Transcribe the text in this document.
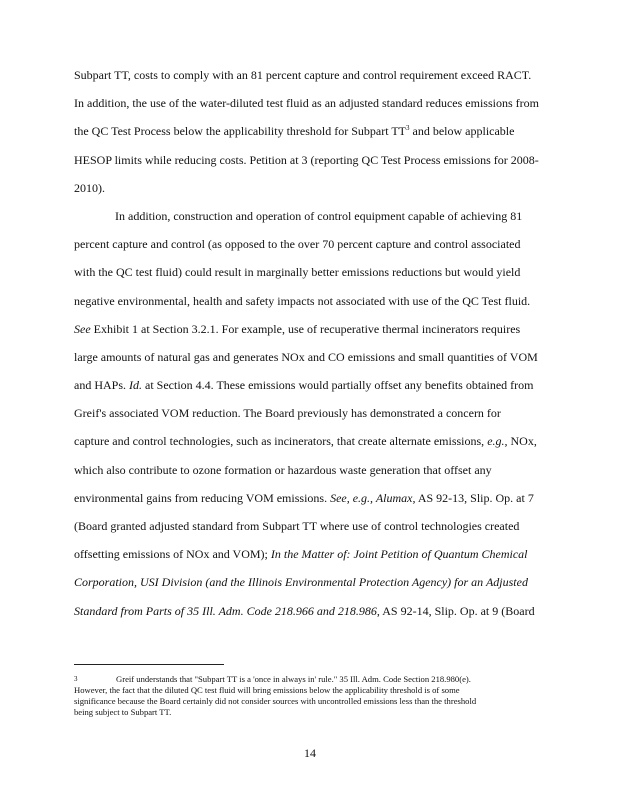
Subpart TT, costs to comply with an 81 percent capture and control requirement exceed RACT.
In addition, the use of the water-diluted test fluid as an adjusted standard reduces emissions from
the QC Test Process below the applicability threshold for Subpart $TT^3$ and below applicable
HESOP limits while reducing costs. Petition at 3 (reporting QC Test Process emissions for 2008-
2010).
In addition, construction and operation of control equipment capable of achieving 81
percent capture and control (as opposed to the over 70 percent capture and control associated
with the QC test fluid) could result in marginally better emissions reductions but would yield
negative environmental, health and safety impacts not associated with use of the QC Test fluid.
See Exhibit 1 at Section 3.2.1. For example, use of recuperative thermal incinerators requires
large amounts of natural gas and generates NOx and CO emissions and small quantities of VOM
and HAPs. Id. at Section 4.4. These emissions would partially offset any benefits obtained from
Greif's associated VOM reduction. The Board previously has demonstrated a concern for
capture and control technologies, such as incinerators, that create alternate emissions, e.g., NOx,
which also contribute to ozone formation or hazardous waste generation that offset any
environmental gains from reducing VOM emissions. See, e.g., Alumax, AS 92-13, Slip. Op. at 7
(Board granted adjusted standard from Subpart TT where use of control technologies created
offsetting emissions of NOx and VOM); In the Matter of: Joint Petition of Quantum Chemical
Corporation, USI Division (and the Illinois Environmental Protection Agency) for an Adjusted
Standard from Parts of 35 Ill. Adm. Code 218.966 and 218.986, AS 92-14, Slip. Op. at 9 (Board
3	Greif understands that "Subpart TT is a 'once in always in' rule." 35 Ill. Adm. Code Section 218.980(e).
However, the fact that the diluted QC test fluid will bring emissions below the applicability threshold is of some
significance because the Board certainly did not consider sources with uncontrolled emissions less than the threshold
being subject to Subpart TT.
14
